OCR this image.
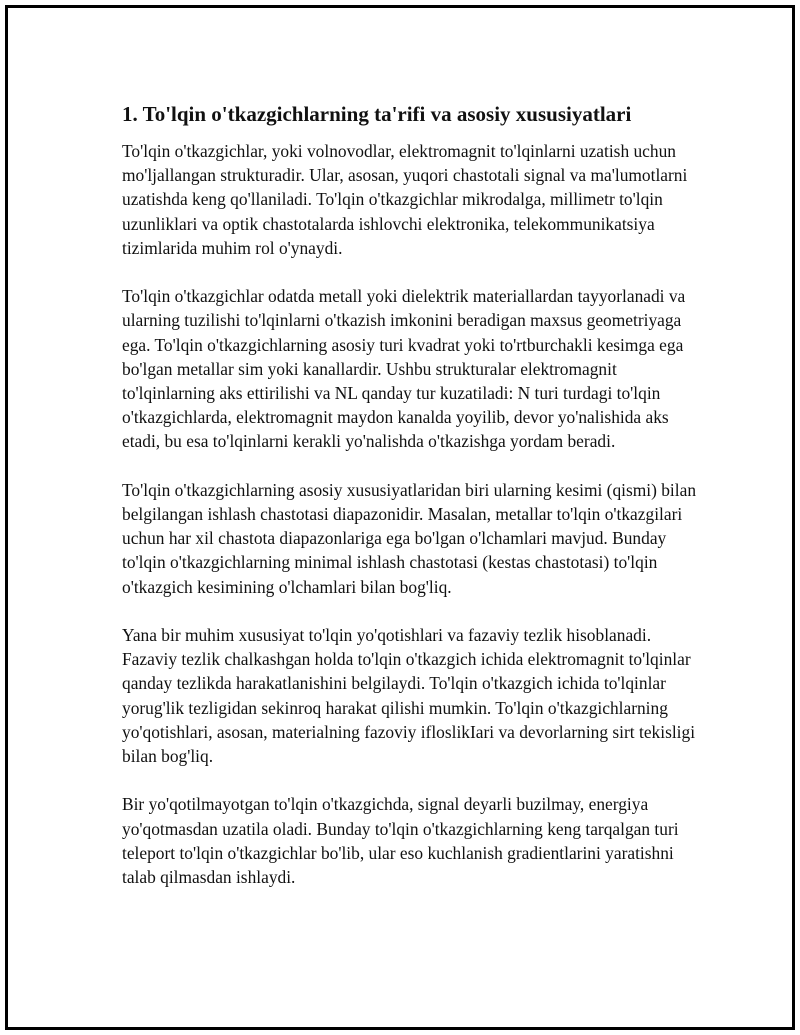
1. To'lqin o'tkazgichlarning ta'rifi va asosiy xususiyatlari

To'lqin o'tkazgichlar, yoki volnovodlar, elektromagnit to'lqinlarni uzatish uchun mo'ljallangan strukturadir. Ular, asosan, yuqori chastotali signal va ma'lumotlarni uzatishda keng qo'llaniladi. To'lqin o'tkazgichlar mikrodalga, millimetr to'lqin uzunliklari va optik chastotalarda ishlovchi elektronika, telekommunikatsiya tizimlarida muhim rol o'ynaydi.

To'lqin o'tkazgichlar odatda metall yoki dielektrik materiallardan tayyorlanadi va ularning tuzilishi to'lqinlarni o'tkazish imkonini beradigan maxsus geometriyaga ega. To'lqin o'tkazgichlarning asosiy turi kvadrat yoki to'rtburchakli kesimga ega bo'lgan metallar sim yoki kanallardir. Ushbu strukturalar elektromagnit to'lqinlarning aks ettirilishi va NL qanday tur kuzatiladi: N turi turdagi to'lqin o'tkazgichlarda, elektromagnit maydon kanalda yoyilib, devor yo'nalishida aks etadi, bu esa to'lqinlarni kerakli yo'nalishda o'tkazishga yordam beradi.

To'lqin o'tkazgichlarning asosiy xususiyatlaridan biri ularning kesimi (qismi) bilan belgilangan ishlash chastotasi diapazonidir. Masalan, metallar to'lqin o'tkazgilari uchun har xil chastota diapazonlariga ega bo'lgan o'lchamlari mavjud. Bunday to'lqin o'tkazgichlarning minimal ishlash chastotasi (kestas chastotasi) to'lqin o'tkazgich kesimining o'lchamlari bilan bog'liq.

Yana bir muhim xususiyat to'lqin yo'qotishlari va fazaviy tezlik hisoblanadi. Fazaviy tezlik chalkashgan holda to'lqin o'tkazgich ichida elektromagnit to'lqinlar qanday tezlikda harakatlanishini belgilaydi. To'lqin o'tkazgich ichida to'lqinlar yorug'lik tezligidan sekinroq harakat qilishi mumkin. To'lqin o'tkazgichlarning yo'qotishlari, asosan, materialning fazoviy ifloslikIari va devorlarning sirt tekisligi bilan bog'liq.

Bir yo'qotilmayotgan to'lqin o'tkazgichda, signal deyarli buzilmay, energiya yo'qotmasdan uzatila oladi. Bunday to'lqin o'tkazgichlarning keng tarqalgan turi teleport to'lqin o'tkazgichlar bo'lib, ular eso kuchlanish gradientlarini yaratishni talab qilmasdan ishlaydi.
